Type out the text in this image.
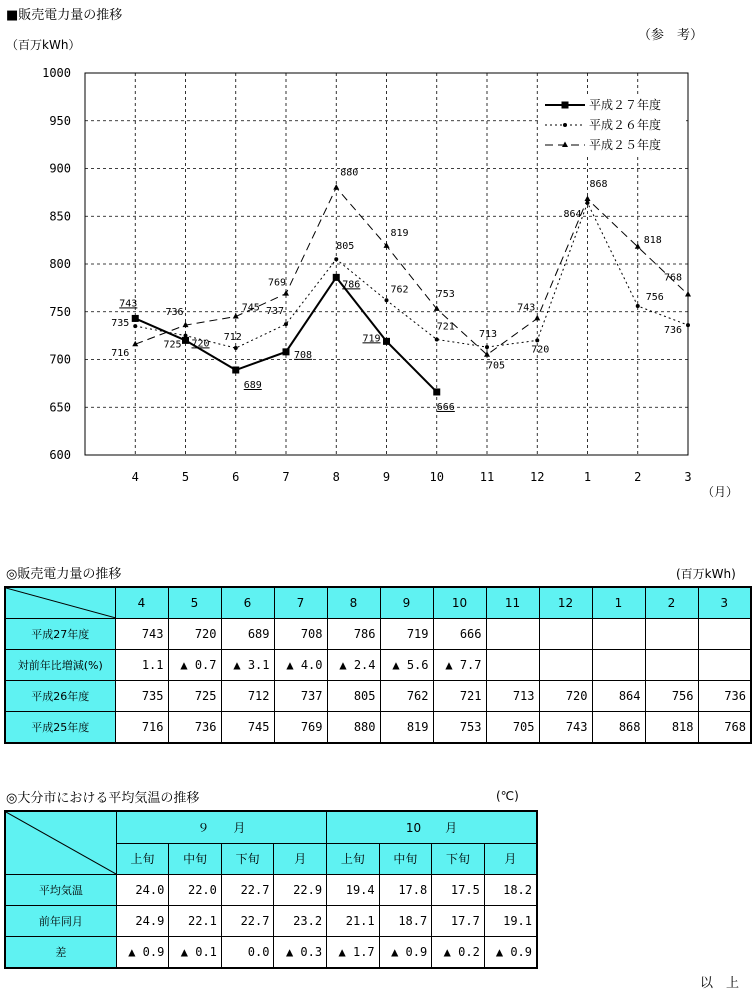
■販売電力量の推移
（参　考）
（百万kWh）
（月）
1000
950
900
850
800
750
700
650
600
4	5	6	7	8	9	10	11	12	1	2	3
743
720
689
708
786
719
666
735
725
712
737
805
762
721
713
720
864
756
736
716
736	745
769
880
819
753
705
743
868
818
768
平成２７年度
平成２６年度
平成２５年度
◎販売電力量の推移	(百万kWh)
	4	5	6	7	8	9	10	11	12	1	2	3
平成27年度	743	720	689	708	786	719	666					
対前年比増減(%)	1.1	▲ 0.7	▲ 3.1	▲ 4.0	▲ 2.4	▲ 5.6	▲ 7.7					
平成26年度	735	725	712	737	805	762	721	713	720	864	756	736
平成25年度	716	736	745	769	880	819	753	705	743	868	818	768
◎大分市における平均気温の推移	(℃)
	９　　月				10　　月			
	上旬	中旬	下旬	月	上旬	中旬	下旬	月
平均気温	24.0	22.0	22.7	22.9	19.4	17.8	17.5	18.2
前年同月	24.9	22.1	22.7	23.2	21.1	18.7	17.7	19.1
差	▲ 0.9	▲ 0.1	0.0	▲ 0.3	▲ 1.7	▲ 0.9	▲ 0.2	▲ 0.9
以　上
